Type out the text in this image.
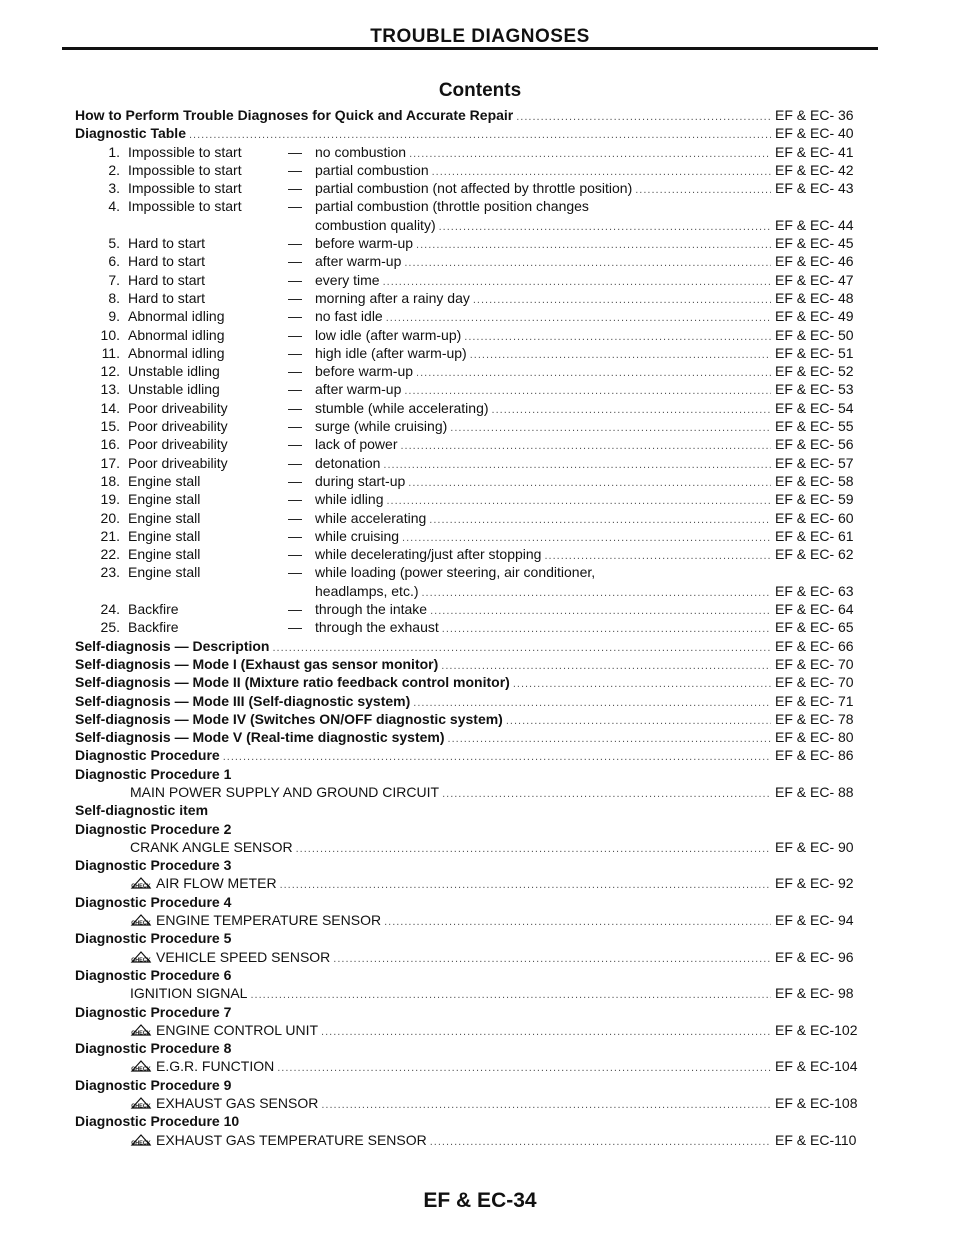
TROUBLE DIAGNOSES
Contents
How to Perform Trouble Diagnoses for Quick and Accurate Repair .....	EF & EC- 36
Diagnostic Table .....	EF & EC- 40
1. Impossible to start	— no combustion .....	EF & EC- 41
2. Impossible to start	— partial combustion .....	EF & EC- 42
3. Impossible to start	— partial combustion (not affected by throttle position) .....	EF & EC- 43
4. Impossible to start	— partial combustion (throttle position changes
combustion quality) .....	EF & EC- 44
5. Hard to start	— before warm-up .....	EF & EC- 45
6. Hard to start	— after warm-up .....	EF & EC- 46
7. Hard to start	— every time .....	EF & EC- 47
8. Hard to start	— morning after a rainy day .....	EF & EC- 48
9. Abnormal idling	— no fast idle .....	EF & EC- 49
10. Abnormal idling	— low idle (after warm-up) .....	EF & EC- 50
11. Abnormal idling	— high idle (after warm-up) .....	EF & EC- 51
12. Unstable idling	— before warm-up .....	EF & EC- 52
13. Unstable idling	— after warm-up .....	EF & EC- 53
14. Poor driveability	— stumble (while accelerating) .....	EF & EC- 54
15. Poor driveability	— surge (while cruising) .....	EF & EC- 55
16. Poor driveability	— lack of power .....	EF & EC- 56
17. Poor driveability	— detonation .....	EF & EC- 57
18. Engine stall	— during start-up .....	EF & EC- 58
19. Engine stall	— while idling .....	EF & EC- 59
20. Engine stall	— while accelerating .....	EF & EC- 60
21. Engine stall	— while cruising .....	EF & EC- 61
22. Engine stall	— while decelerating/just after stopping .....	EF & EC- 62
23. Engine stall	— while loading (power steering, air conditioner,
headlamps, etc.) .....	EF & EC- 63
24. Backfire	— through the intake .....	EF & EC- 64
25. Backfire	— through the exhaust .....	EF & EC- 65
Self-diagnosis — Description .....	EF & EC- 66
Self-diagnosis — Mode I (Exhaust gas sensor monitor) .....	EF & EC- 70
Self-diagnosis — Mode II (Mixture ratio feedback control monitor) .....	EF & EC- 70
Self-diagnosis — Mode III (Self-diagnostic system) .....	EF & EC- 71
Self-diagnosis — Mode IV (Switches ON/OFF diagnostic system) .....	EF & EC- 78
Self-diagnosis — Mode V (Real-time diagnostic system) .....	EF & EC- 80
Diagnostic Procedure .....	EF & EC- 86
Diagnostic Procedure 1
MAIN POWER SUPPLY AND GROUND CIRCUIT .....	EF & EC- 88
Self-diagnostic item
Diagnostic Procedure 2
CRANK ANGLE SENSOR .....	EF & EC- 90
Diagnostic Procedure 3
CHECK AIR FLOW METER .....	EF & EC- 92
Diagnostic Procedure 4
CHECK ENGINE TEMPERATURE SENSOR .....	EF & EC- 94
Diagnostic Procedure 5
CHECK VEHICLE SPEED SENSOR .....	EF & EC- 96
Diagnostic Procedure 6
IGNITION SIGNAL .....	EF & EC- 98
Diagnostic Procedure 7
CHECK ENGINE CONTROL UNIT .....	EF & EC-102
Diagnostic Procedure 8
CHECK E.G.R. FUNCTION .....	EF & EC-104
Diagnostic Procedure 9
CHECK EXHAUST GAS SENSOR .....	EF & EC-108
Diagnostic Procedure 10
CHECK EXHAUST GAS TEMPERATURE SENSOR .....	EF & EC-110
EF & EC-34
